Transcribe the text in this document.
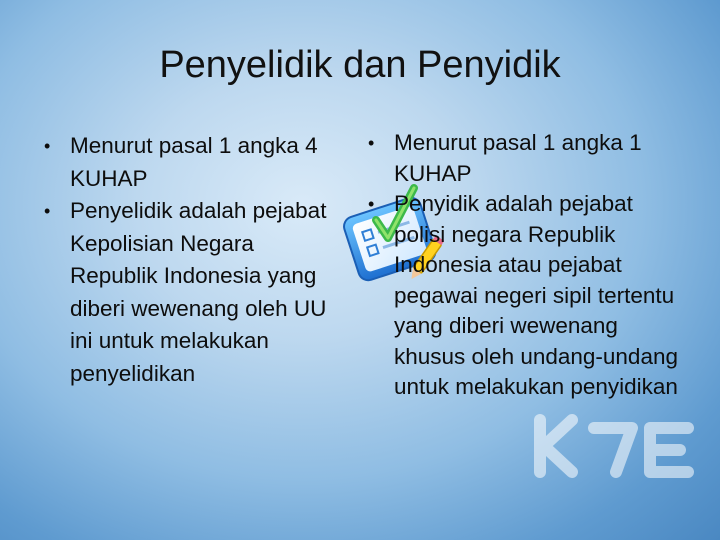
Penyelidik dan Penyidik
• Menurut pasal 1 angka 4 KUHAP
• Penyelidik adalah pejabat Kepolisian Negara Republik Indonesia yang diberi wewenang oleh UU ini untuk melakukan penyelidikan
• Menurut pasal 1 angka 1 KUHAP
• Penyidik adalah pejabat polisi negara Republik Indonesia atau pejabat pegawai negeri sipil tertentu yang diberi wewenang khusus oleh undang-undang untuk melakukan penyidikan
